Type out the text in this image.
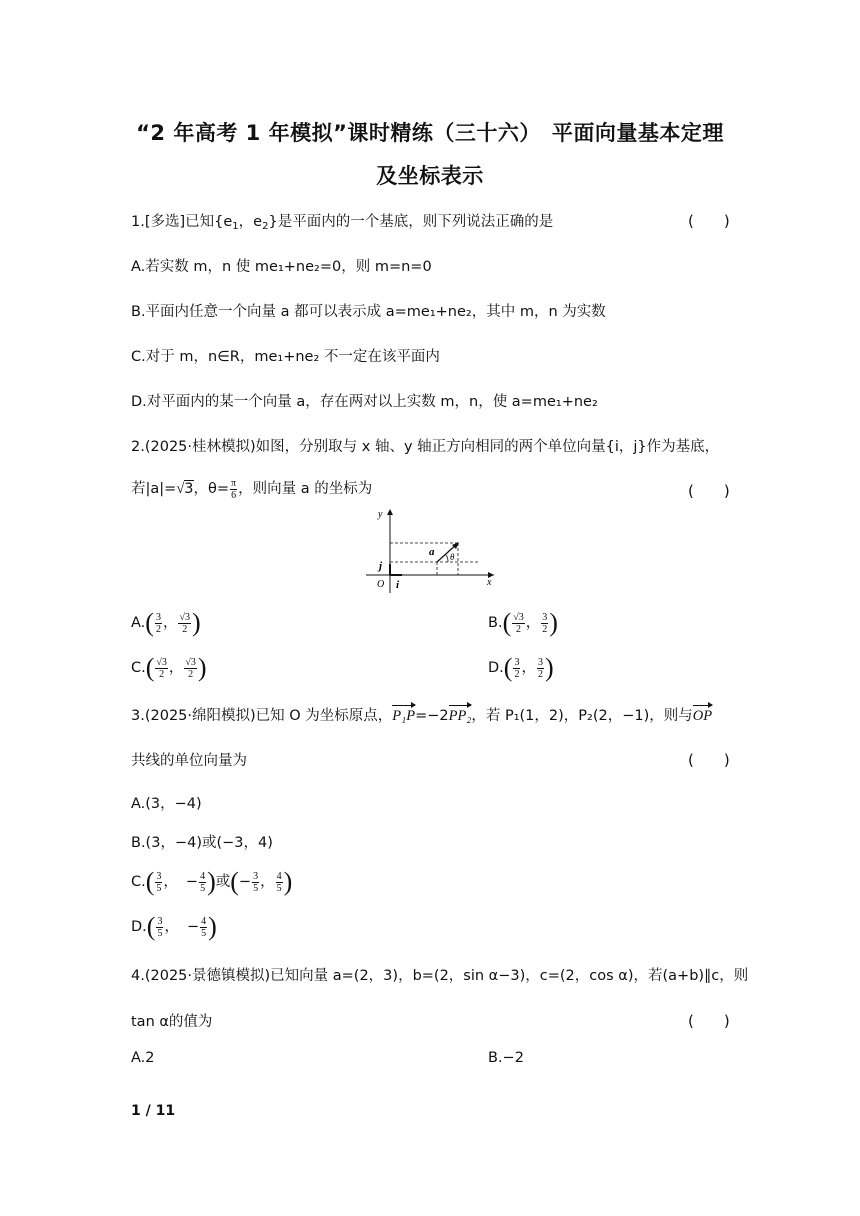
“2 年高考 1 年模拟”课时精练（三十六）　平面向量基本定理
及坐标表示
1.[多选]已知{$e_1$，$e_2$}是平面内的一个基底，则下列说法正确的是	(　　)
A.若实数 m，n 使 me₁+ne₂=0，则 m=n=0
B.平面内任意一个向量 a 都可以表示成 a=me₁+ne₂，其中 m，n 为实数
C.对于 m，n∈R，me₁+ne₂ 不一定在该平面内
D.对平面内的某一个向量 a，存在两对以上实数 m，n，使 a=me₁+ne₂
2.(2025·桂林模拟)如图，分别取与 x 轴、y 轴正方向相同的两个单位向量{i，j}作为基底，
若|a|=√3，$\theta= \frac{\pi}{6}$ ，则向量 a 的坐标为	(　　)
y
x
O
j
i
a θ
$A.( \frac{3}{2}$ ， $\frac{√3}{2}$ )	$B.( \frac{√3}{2}$ ， $\frac{3}{2}$ )
$C.( \frac{√3}{2}$ ， $\frac{√3}{2}$ )	$D.( \frac{3}{2}$ ， $\frac{3}{2}$ )
3.(2025·绵阳模拟)已知 O 为坐标原点，P₁P=−2PP₂，若 P₁(1，2)，P₂(2，−1)，则与OP
共线的单位向量为	(　　)
A.(3，−4)
B.(3，−4)或(−3，4)
$C.( \frac{3}{5}$ ， − $\frac{4}{5}$ )或(− $\frac{3}{5}$ ， $\frac{4}{5}$ )
$D.( \frac{3}{5}$ ， − $\frac{4}{5}$ )
4.(2025·景德镇模拟)已知向量 a=(2，3)，b=(2，sin α−3)，c=(2，cos α)，若(a+b)∥c，则
tan α的值为	(　　)
A.2	B.−2
1 / 11
